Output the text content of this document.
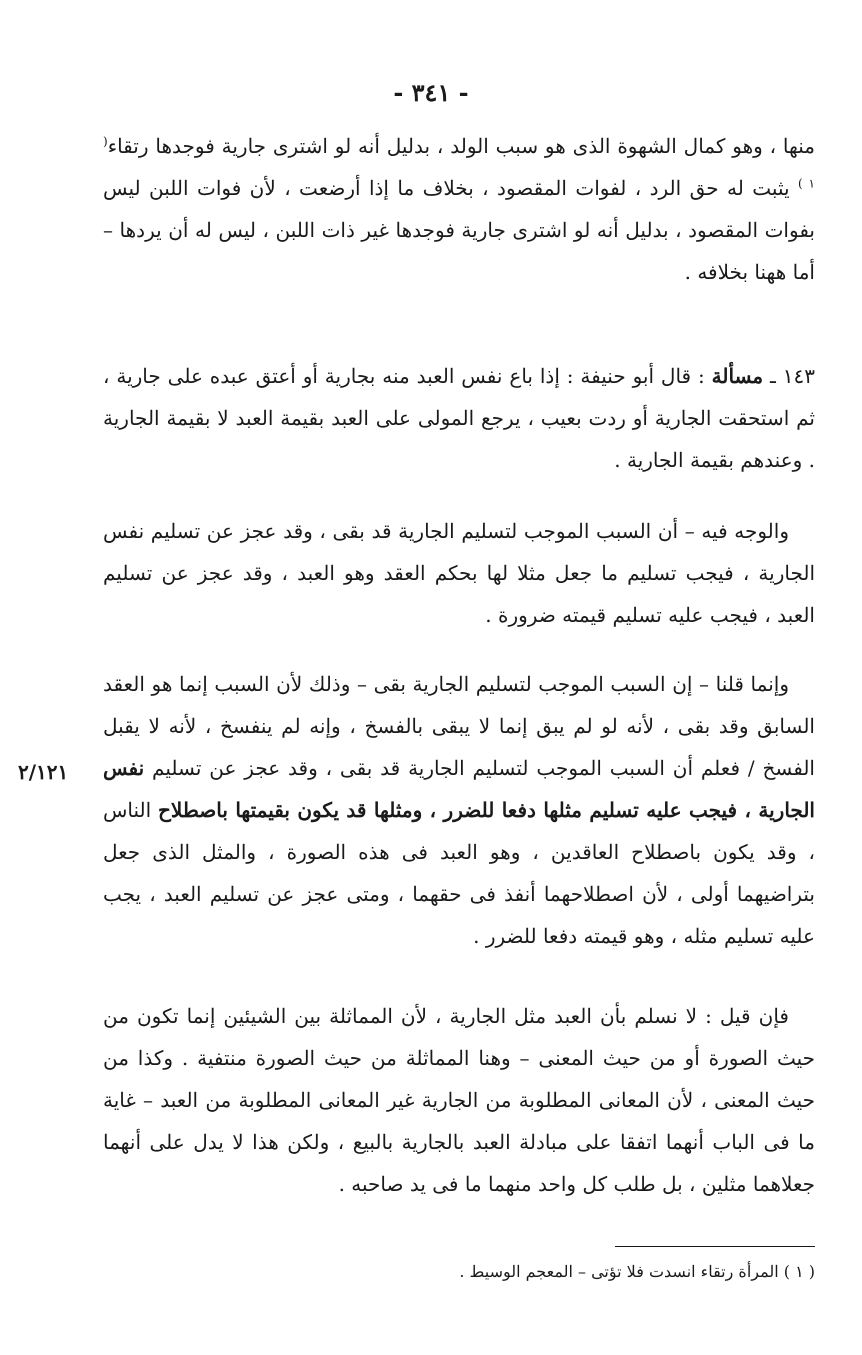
- ٣٤١ -

منها ، وهو كمال الشهوة الذى هو سبب الولد ، بدليل أنه لو اشترى جارية فوجدها رتقاء$^{( ١ )}$ يثبت له حق الرد ، لفوات المقصود ، بخلاف ما إذا أرضعت ، لأن فوات اللبن ليس بفوات المقصود ، بدليل أنه لو اشترى جارية فوجدها غير ذات اللبن ، ليس له أن يردها – أما ههنا بخلافه .

١٤٣ ـ مسألة : قال أبو حنيفة : إذا باع نفس العبد منه بجارية أو أعتق عبده على جارية ، ثم استحقت الجارية أو ردت بعيب ، يرجع المولى على العبد بقيمة العبد لا بقيمة الجارية . وعندهم بقيمة الجارية .

والوجه فيه – أن السبب الموجب لتسليم الجارية قد بقى ، وقد عجز عن تسليم نفس الجارية ، فيجب تسليم ما جعل مثلا لها بحكم العقد وهو العبد ، وقد عجز عن تسليم العبد ، فيجب عليه تسليم قيمته ضرورة .

وإنما قلنا – إن السبب الموجب لتسليم الجارية بقى – وذلك لأن السبب إنما هو العقد السابق وقد بقى ، لأنه لو لم يبق إنما لا يبقى بالفسخ ، وإنه لم ينفسخ ، لأنه لا يقبل الفسخ / فعلم أن السبب الموجب لتسليم الجارية قد بقى ، وقد عجز عن تسليم نفس الجارية ، فيجب عليه تسليم مثلها دفعا للضرر ، ومثلها قد يكون بقيمتها باصطلاح الناس ، وقد يكون باصطلاح العاقدين ، وهو العبد فى هذه الصورة ، والمثل الذى جعل بتراضيهما أولى ، لأن اصطلاحهما أنفذ فى حقهما ، ومتى عجز عن تسليم العبد ، يجب عليه تسليم مثله ، وهو قيمته دفعا للضرر .

٢/١٢١

فإن قيل : لا نسلم بأن العبد مثل الجارية ، لأن المماثلة بين الشيئين إنما تكون من حيث الصورة أو من حيث المعنى – وهنا المماثلة من حيث الصورة منتفية . وكذا من حيث المعنى ، لأن المعانى المطلوبة من الجارية غير المعانى المطلوبة من العبد – غاية ما فى الباب أنهما اتفقا على مبادلة العبد بالجارية بالبيع ، ولكن هذا لا يدل على أنهما جعلاهما مثلين ، بل طلب كل واحد منهما ما فى يد صاحبه .

( ١ ) المرأة رتقاء انسدت فلا تؤتى – المعجم الوسيط .
